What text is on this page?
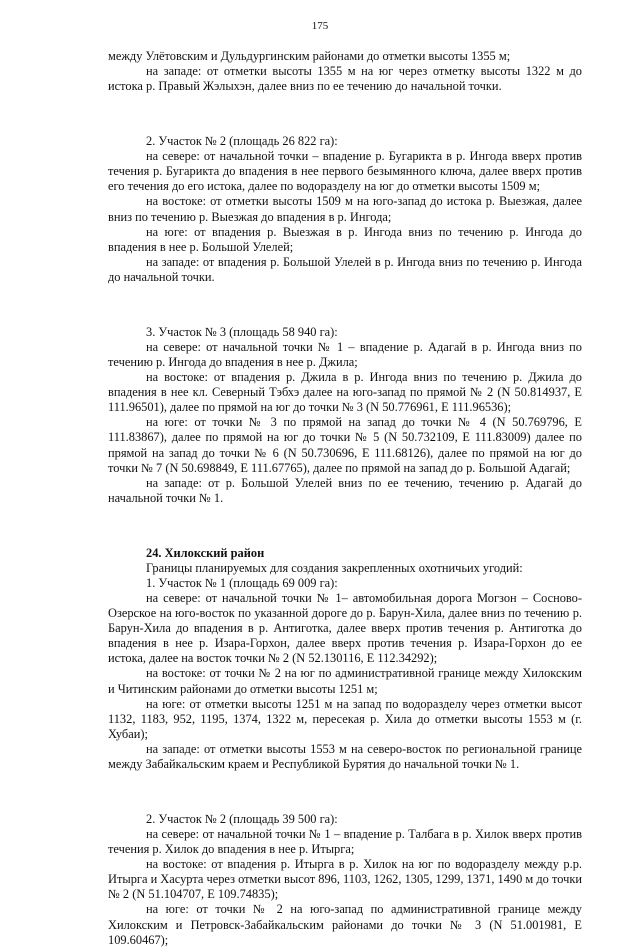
175

между Улётовским и Дульдургинским районами до отметки высоты 1355 м;

на западе: от отметки высоты 1355 м на юг через отметку высоты 1322 м до истока р. Правый Жэлыхэн, далее вниз по ее течению до начальной точки.

2. Участок № 2 (площадь 26 822 га):

на севере: от начальной точки – впадение р. Бугарикта в р. Ингода вверх против течения р. Бугарикта до впадения в нее первого безымянного ключа, далее вверх против его течения до его истока, далее по водоразделу на юг до отметки высоты 1509 м;

на востоке: от отметки высоты 1509 м на юго-запад до истока р. Выезжая, далее вниз по течению р. Выезжая до впадения в р. Ингода;

на юге: от впадения р. Выезжая в р. Ингода вниз по течению р. Ингода до впадения в нее р. Большой Улелей;

на западе: от впадения р. Большой Улелей в р. Ингода вниз по течению р. Ингода до начальной точки.

3. Участок № 3 (площадь 58 940 га):

на севере: от начальной точки № 1 – впадение р. Адагай в р. Ингода вниз по течению р. Ингода до впадения в нее р. Джила;

на востоке: от впадения р. Джила в р. Ингода вниз по течению р. Джила до впадения в нее кл. Северный Тэбхэ далее на юго-запад по прямой № 2 (N 50.814937, E 111.96501), далее по прямой на юг до точки № 3 (N 50.776961, E 111.96536);

на юге: от точки № 3 по прямой на запад до точки № 4 (N 50.769796, E 111.83867), далее по прямой на юг до точки № 5 (N 50.732109, E 111.83009) далее по прямой на запад до точки № 6 (N 50.730696, E 111.68126), далее по прямой на юг до точки № 7 (N 50.698849, E 111.67765), далее по прямой на запад до р. Большой Адагай;

на западе: от р. Большой Улелей вниз по ее течению, течению р. Адагай до начальной точки № 1.

24. Хилокский район

Границы планируемых для создания закрепленных охотничьих угодий:

1. Участок № 1 (площадь 69 009 га):

на севере: от начальной точки № 1– автомобильная дорога Могзон – Сосново-Озерское на юго-восток по указанной дороге до р. Барун-Хила, далее вниз по течению р. Барун-Хила до впадения в р. Антиготка, далее вверх против течения р. Антиготка до впадения в нее р. Изара-Горхон, далее вверх против течения р. Изара-Горхон до ее истока, далее на восток точки № 2 (N 52.130116, E 112.34292);

на востоке: от точки № 2 на юг по административной границе между Хилокским и Читинским районами до отметки высоты 1251 м;

на юге: от отметки высоты 1251 м на запад по водоразделу через отметки высот 1132, 1183, 952, 1195, 1374, 1322 м, пересекая р. Хила до отметки высоты 1553 м (г. Хубаи);

на западе: от отметки высоты 1553 м на северо-восток по региональной границе между Забайкальским краем и Республикой Бурятия до начальной точки № 1.

2. Участок № 2 (площадь 39 500 га):

на севере: от начальной точки № 1 – впадение р. Талбага в р. Хилок вверх против течения р. Хилок до впадения в нее р. Итырга;

на востоке: от впадения р. Итырга в р. Хилок на юг по водоразделу между р.р. Итырга и Хасурта через отметки высот 896, 1103, 1262, 1305, 1299, 1371, 1490 м до точки № 2 (N 51.104707, E 109.74835);

на юге: от точки № 2 на юго-запад по административной границе между Хилокским и Петровск-Забайкальским районами до точки № 3 (N 51.001981, E 109.60467);
